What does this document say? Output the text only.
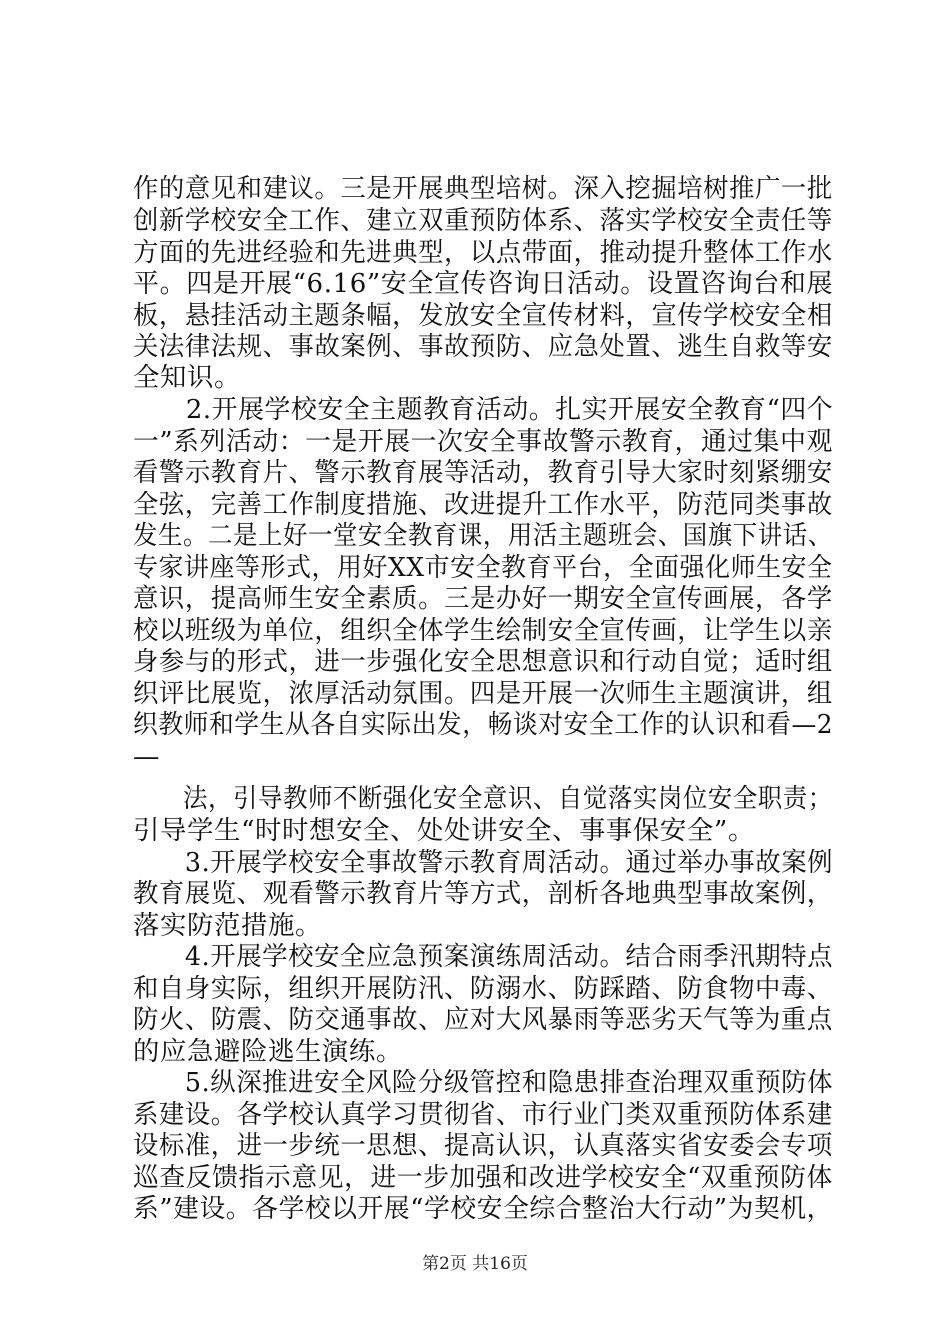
作的意见和建议。三是开展典型培树。深入挖掘培树推广一批
创新学校安全工作、建立双重预防体系、落实学校安全责任等
方面的先进经验和先进典型，以点带面，推动提升整体工作水
平。四是开展“6.16”安全宣传咨询日活动。设置咨询台和展
板，悬挂活动主题条幅，发放安全宣传材料，宣传学校安全相
关法律法规、事故案例、事故预防、应急处置、逃生自救等安
全知识。
　　2.开展学校安全主题教育活动。扎实开展安全教育“四个
一”系列活动：一是开展一次安全事故警示教育，通过集中观
看警示教育片、警示教育展等活动，教育引导大家时刻紧绷安
全弦，完善工作制度措施、改进提升工作水平，防范同类事故
发生。二是上好一堂安全教育课，用活主题班会、国旗下讲话、
专家讲座等形式，用好XX市安全教育平台，全面强化师生安全
意识，提高师生安全素质。三是办好一期安全宣传画展，各学
校以班级为单位，组织全体学生绘制安全宣传画，让学生以亲
身参与的形式，进一步强化安全思想意识和行动自觉；适时组
织评比展览，浓厚活动氛围。四是开展一次师生主题演讲，组
织教师和学生从各自实际出发，畅谈对安全工作的认识和看—2
—
　　法，引导教师不断强化安全意识、自觉落实岗位安全职责；
引导学生“时时想安全、处处讲安全、事事保安全”。
　　3.开展学校安全事故警示教育周活动。通过举办事故案例
教育展览、观看警示教育片等方式，剖析各地典型事故案例，
落实防范措施。
　　4.开展学校安全应急预案演练周活动。结合雨季汛期特点
和自身实际，组织开展防汛、防溺水、防踩踏、防食物中毒、
防火、防震、防交通事故、应对大风暴雨等恶劣天气等为重点
的应急避险逃生演练。
　　5.纵深推进安全风险分级管控和隐患排查治理双重预防体
系建设。各学校认真学习贯彻省、市行业门类双重预防体系建
设标准，进一步统一思想、提高认识，认真落实省安委会专项
巡查反馈指示意见，进一步加强和改进学校安全“双重预防体
系”建设。各学校以开展“学校安全综合整治大行动”为契机，
第2页 共16页
